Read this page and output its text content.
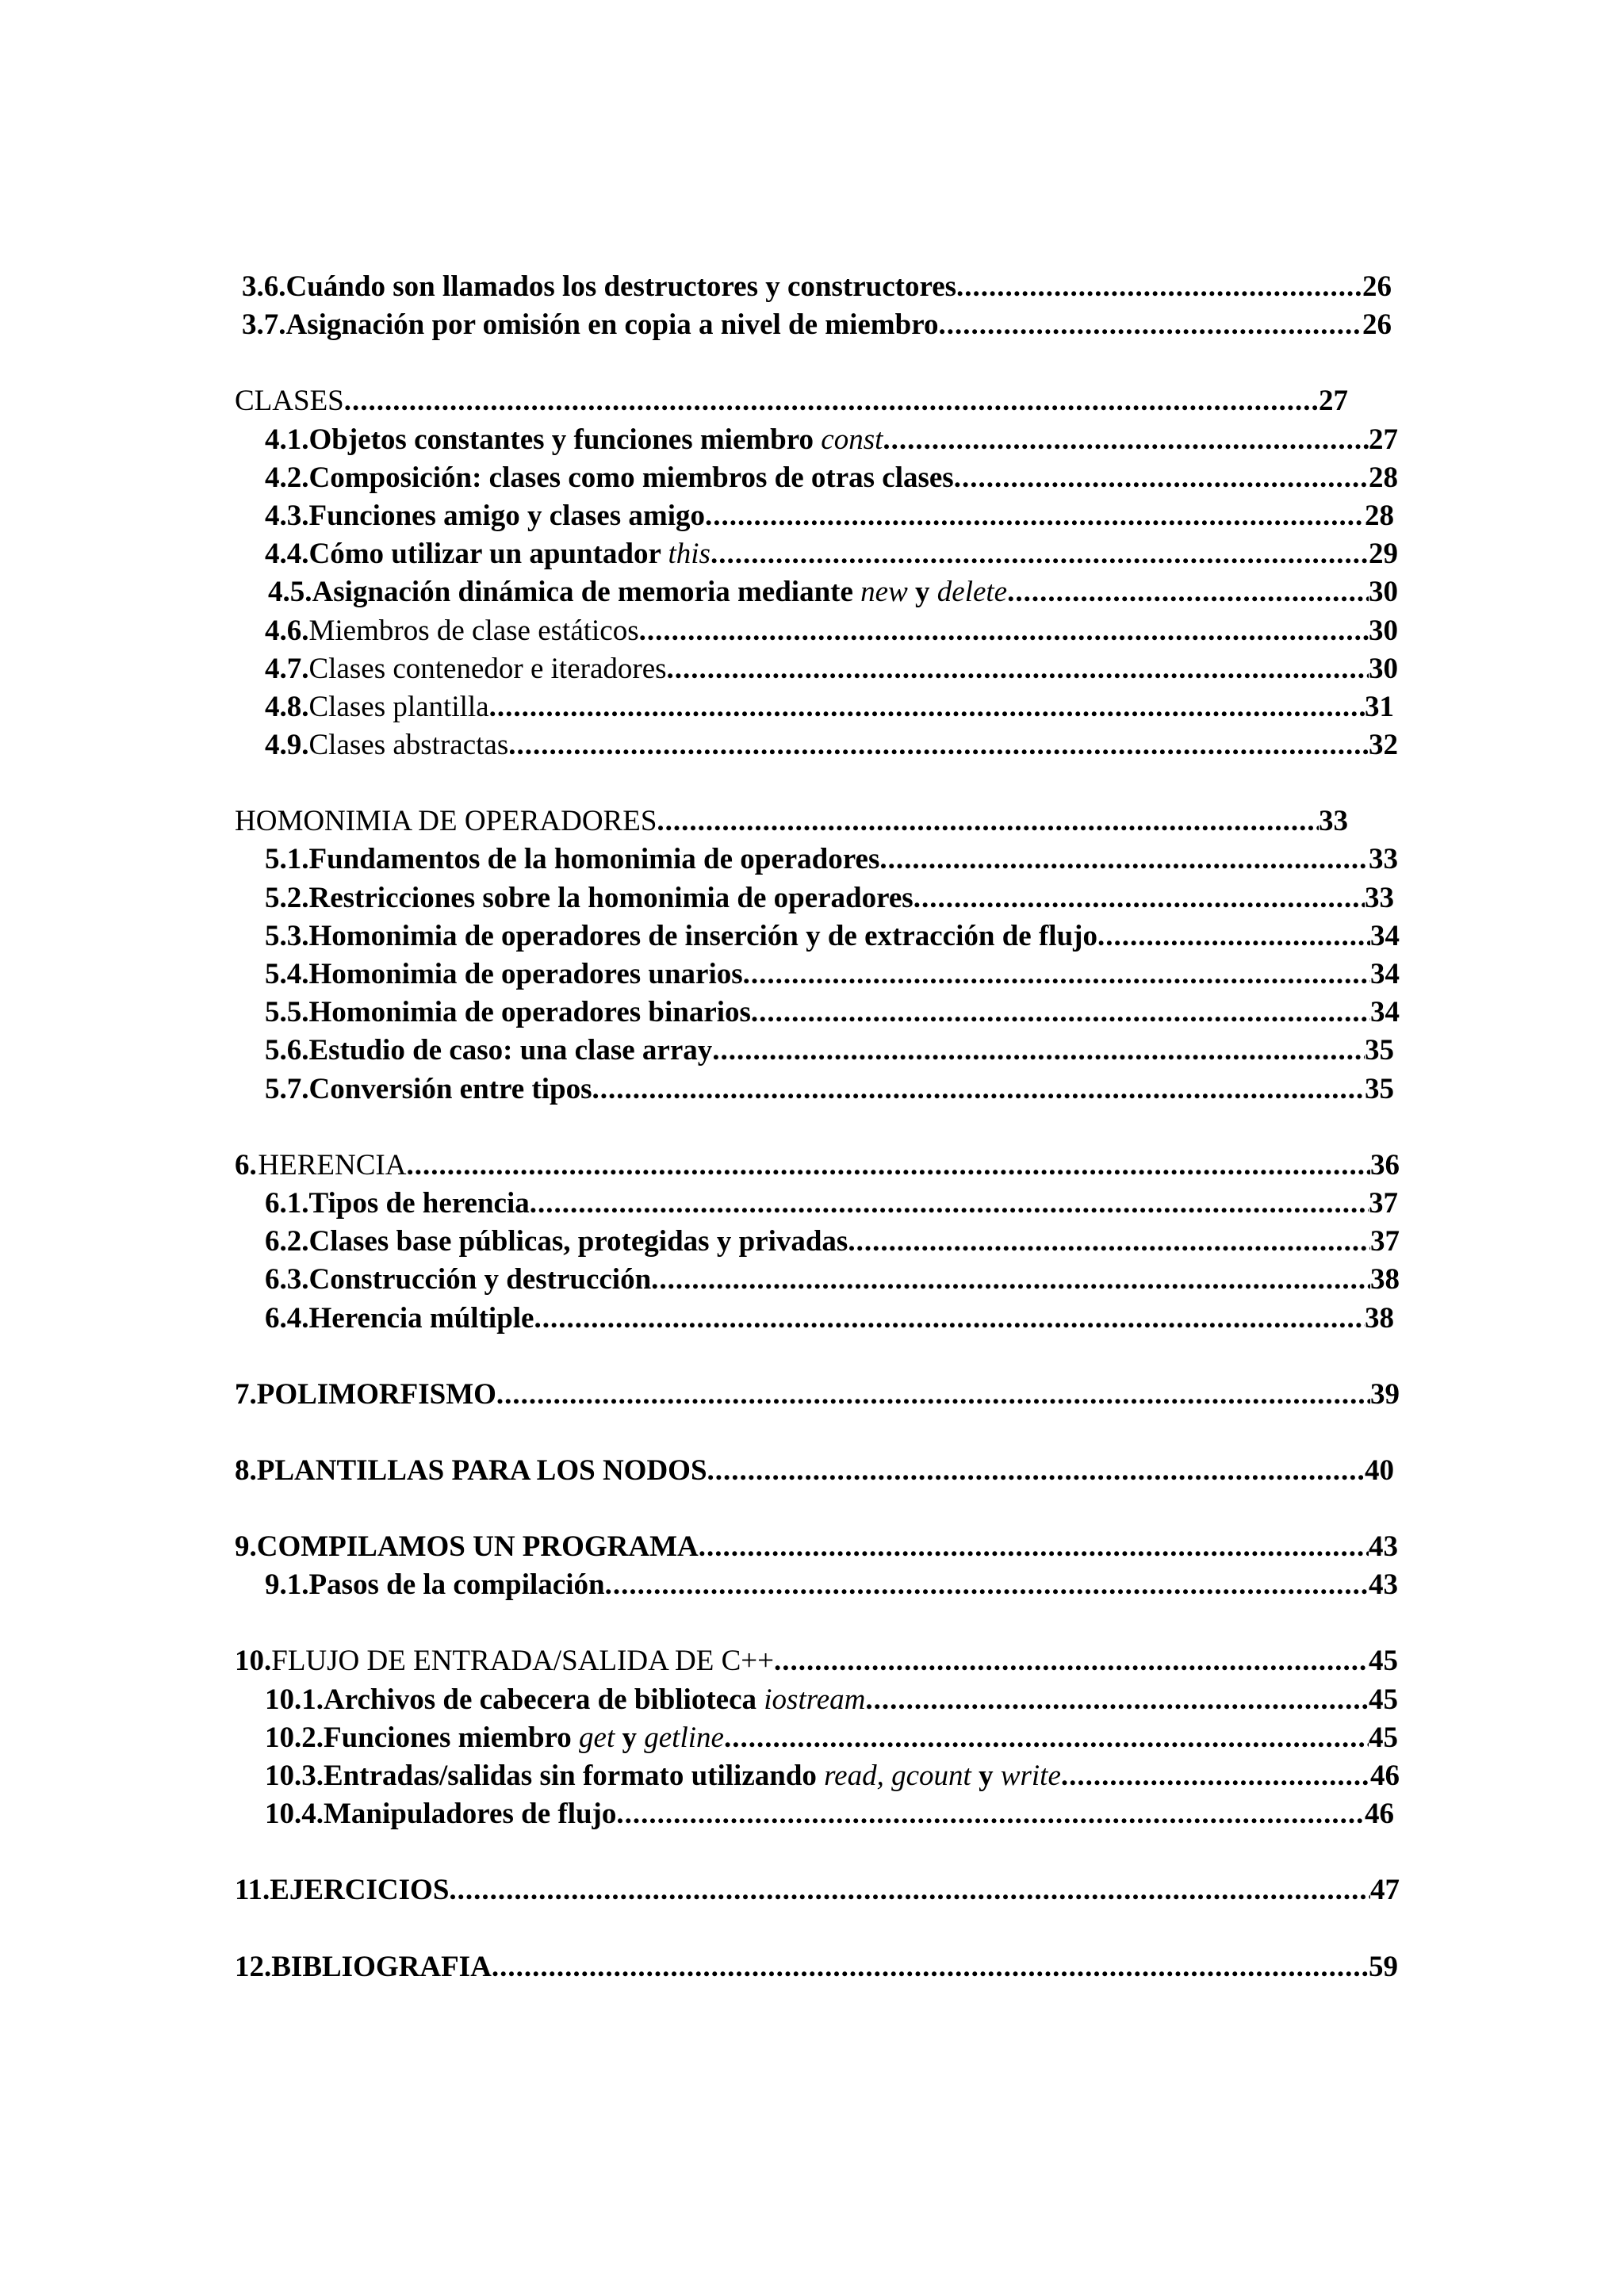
3.6. Cuándo son llamados los destructores y constructores .....	26
3.7. Asignación por omisión en copia a nivel de miembro .....	26
CLASES .....	27
4.1. Objetos constantes y funciones miembro const .....	27
4.2. Composición: clases como miembros de otras clases .....	28
4.3. Funciones amigo y clases amigo .....	28
4.4. Cómo utilizar un apuntador this .....	29
4.5. Asignación dinámica de memoria mediante new y delete .....	30
4.6. Miembros de clase estáticos .....	30
4.7. Clases contenedor e iteradores .....	30
4.8. Clases plantilla .....	31
4.9. Clases abstractas .....	32
HOMONIMIA DE OPERADORES .....	33
5.1. Fundamentos de la homonimia de operadores .....	33
5.2. Restricciones sobre la homonimia de operadores .....	33
5.3. Homonimia de operadores de inserción y de extracción de flujo .....	34
5.4. Homonimia de operadores unarios .....	34
5.5. Homonimia de operadores binarios .....	34
5.6. Estudio de caso: una clase array .....	35
5.7. Conversión entre tipos .....	35
6. HERENCIA .....	36
6.1. Tipos de herencia .....	37
6.2. Clases base públicas, protegidas y privadas .....	37
6.3. Construcción y destrucción .....	38
6.4. Herencia múltiple .....	38
7. POLIMORFISMO .....	39
8. PLANTILLAS PARA LOS NODOS .....	40
9. COMPILAMOS UN PROGRAMA .....	43
9.1. Pasos de la compilación .....	43
10. FLUJO DE ENTRADA/SALIDA DE C++ .....	45
10.1. Archivos de cabecera de biblioteca iostream .....	45
10.2. Funciones miembro get y getline .....	45
10.3. Entradas/salidas sin formato utilizando read, gcount y write .....	46
10.4. Manipuladores de flujo .....	46
11. EJERCICIOS .....	47
12. BIBLIOGRAFIA .....	59
